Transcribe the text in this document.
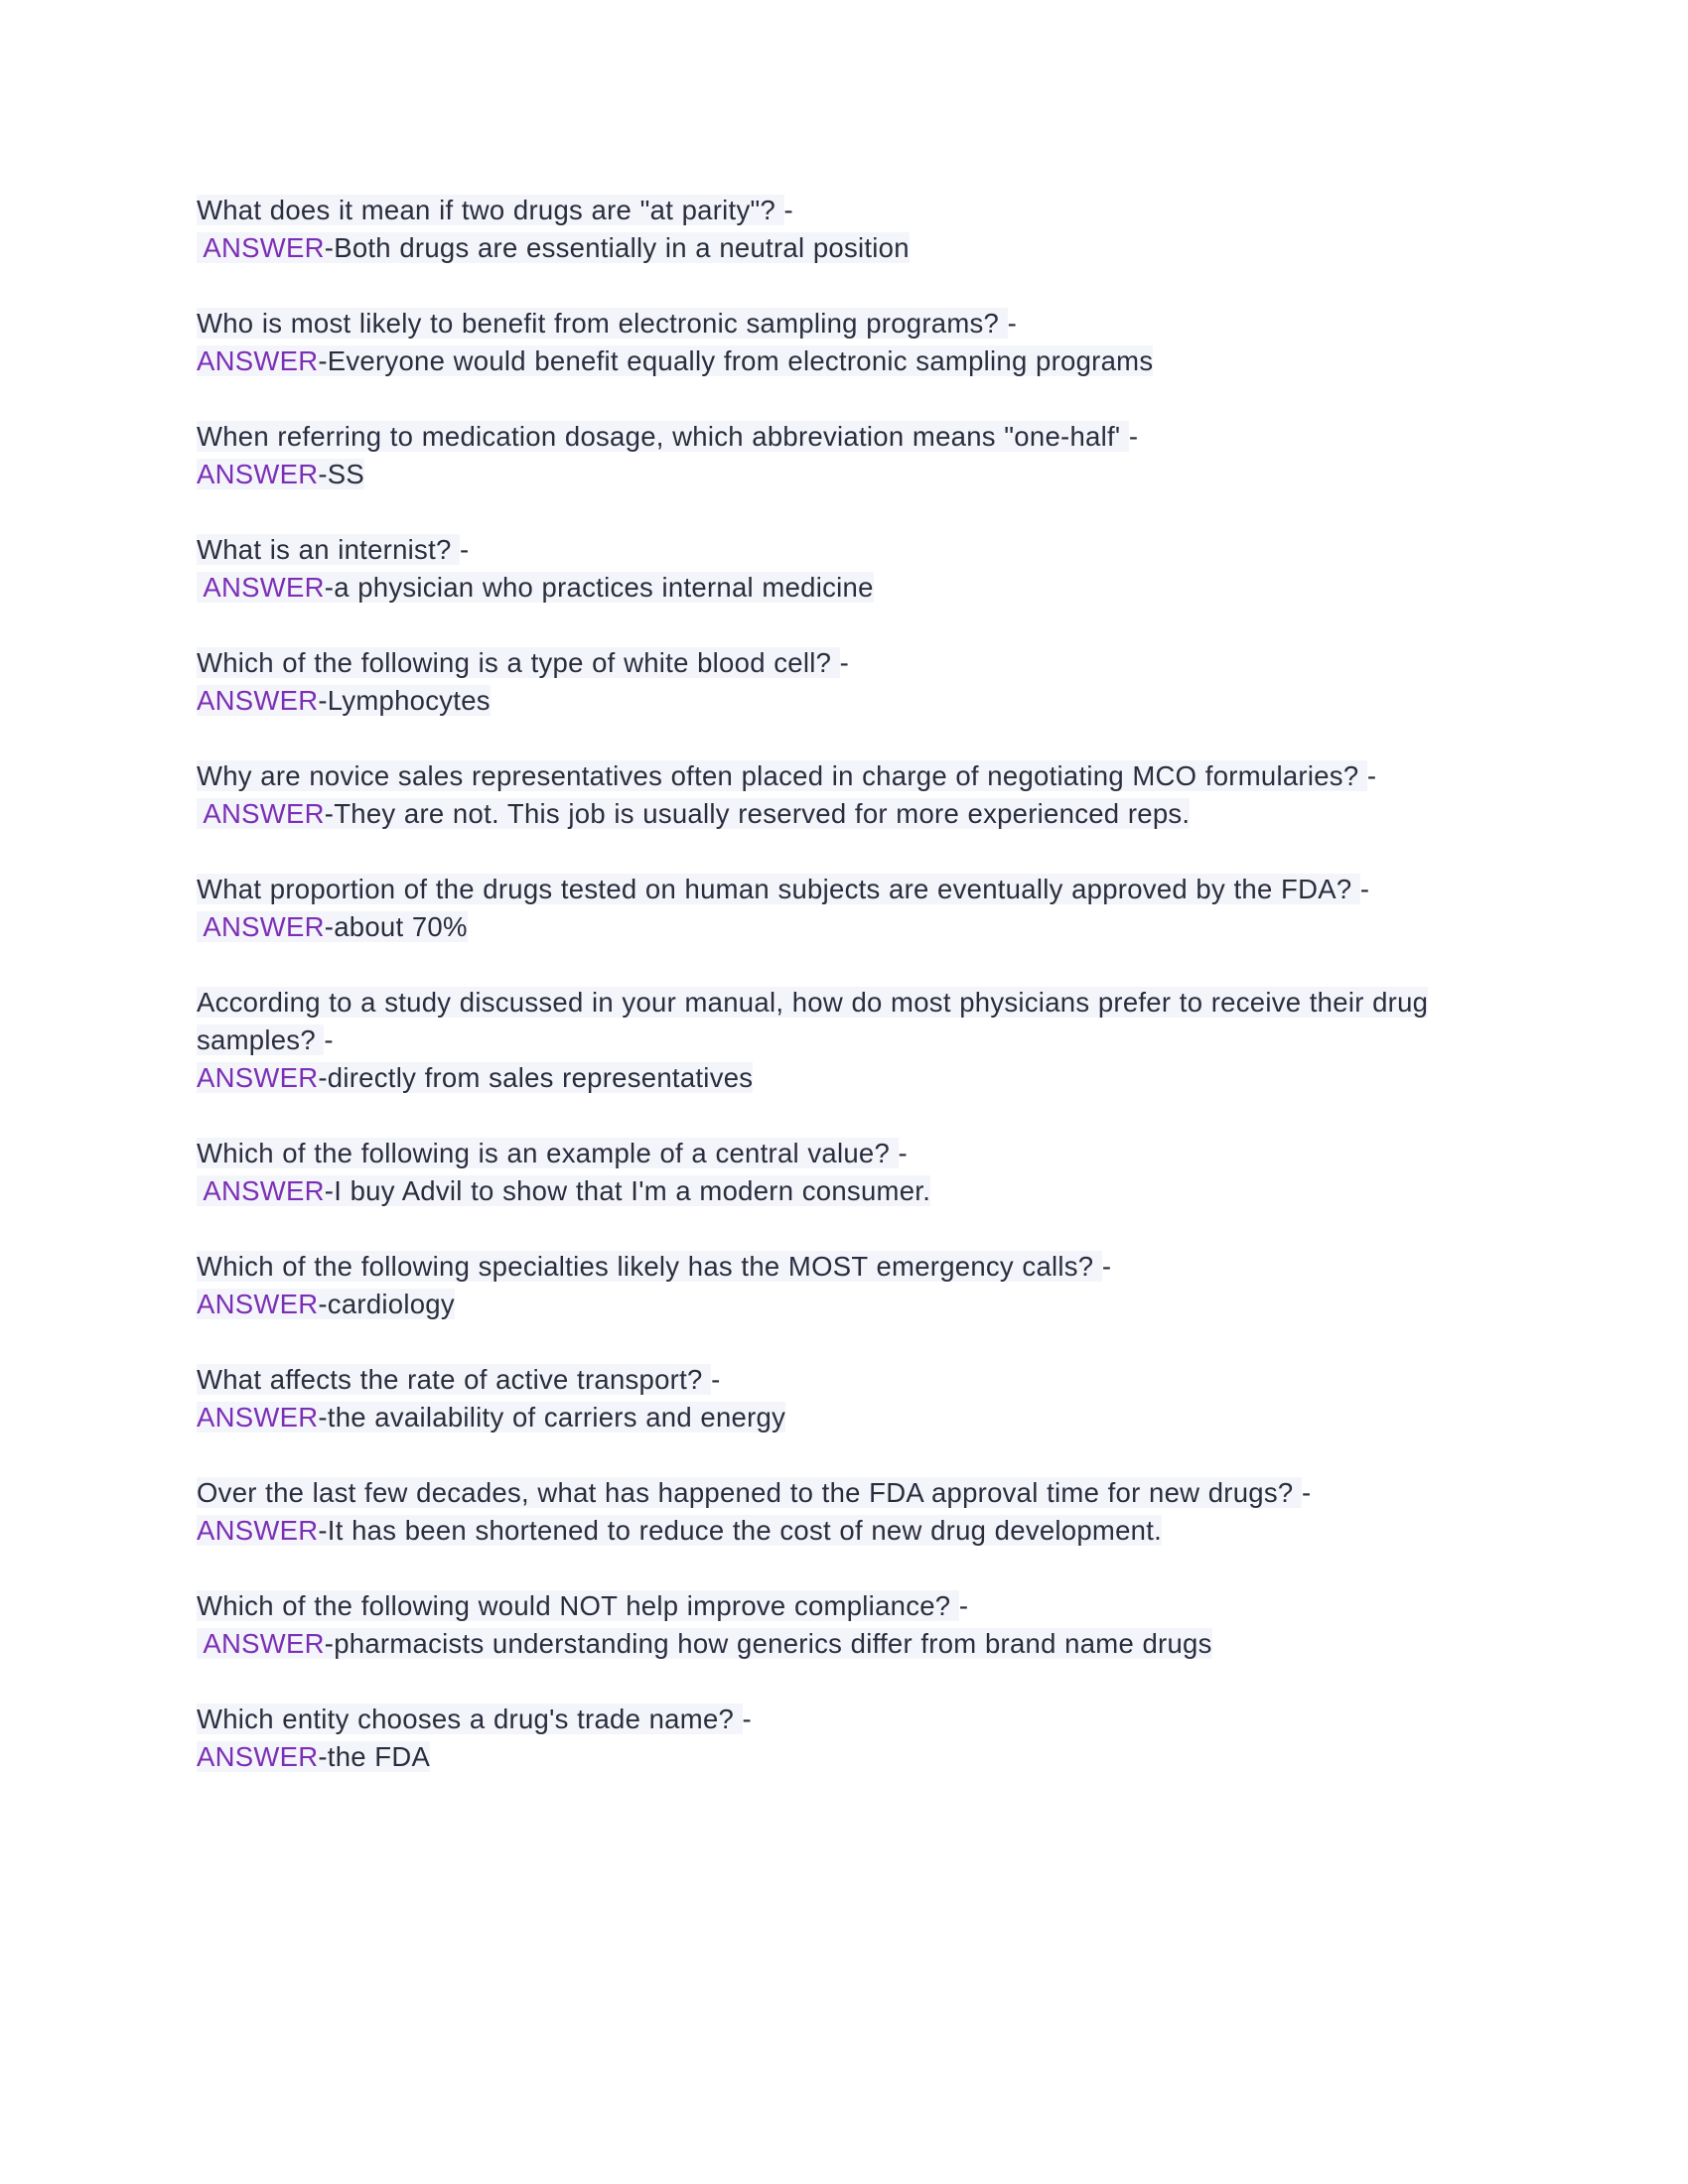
What does it mean if two drugs are "at parity"? -
ANSWER-Both drugs are essentially in a neutral position
Who is most likely to benefit from electronic sampling programs? -
ANSWER-Everyone would benefit equally from electronic sampling programs
When referring to medication dosage, which abbreviation means "one-half' -
ANSWER-SS
What is an internist? -
ANSWER-a physician who practices internal medicine
Which of the following is a type of white blood cell? -
ANSWER-Lymphocytes
Why are novice sales representatives often placed in charge of negotiating MCO formularies? -
ANSWER-They are not. This job is usually reserved for more experienced reps.
What proportion of the drugs tested on human subjects are eventually approved by the FDA? -
ANSWER-about 70%
According to a study discussed in your manual, how do most physicians prefer to receive their drug samples? -
ANSWER-directly from sales representatives
Which of the following is an example of a central value? -
ANSWER-I buy Advil to show that I'm a modern consumer.
Which of the following specialties likely has the MOST emergency calls? -
ANSWER-cardiology
What affects the rate of active transport? -
ANSWER-the availability of carriers and energy
Over the last few decades, what has happened to the FDA approval time for new drugs? -
ANSWER-It has been shortened to reduce the cost of new drug development.
Which of the following would NOT help improve compliance? -
ANSWER-pharmacists understanding how generics differ from brand name drugs
Which entity chooses a drug's trade name? -
ANSWER-the FDA
